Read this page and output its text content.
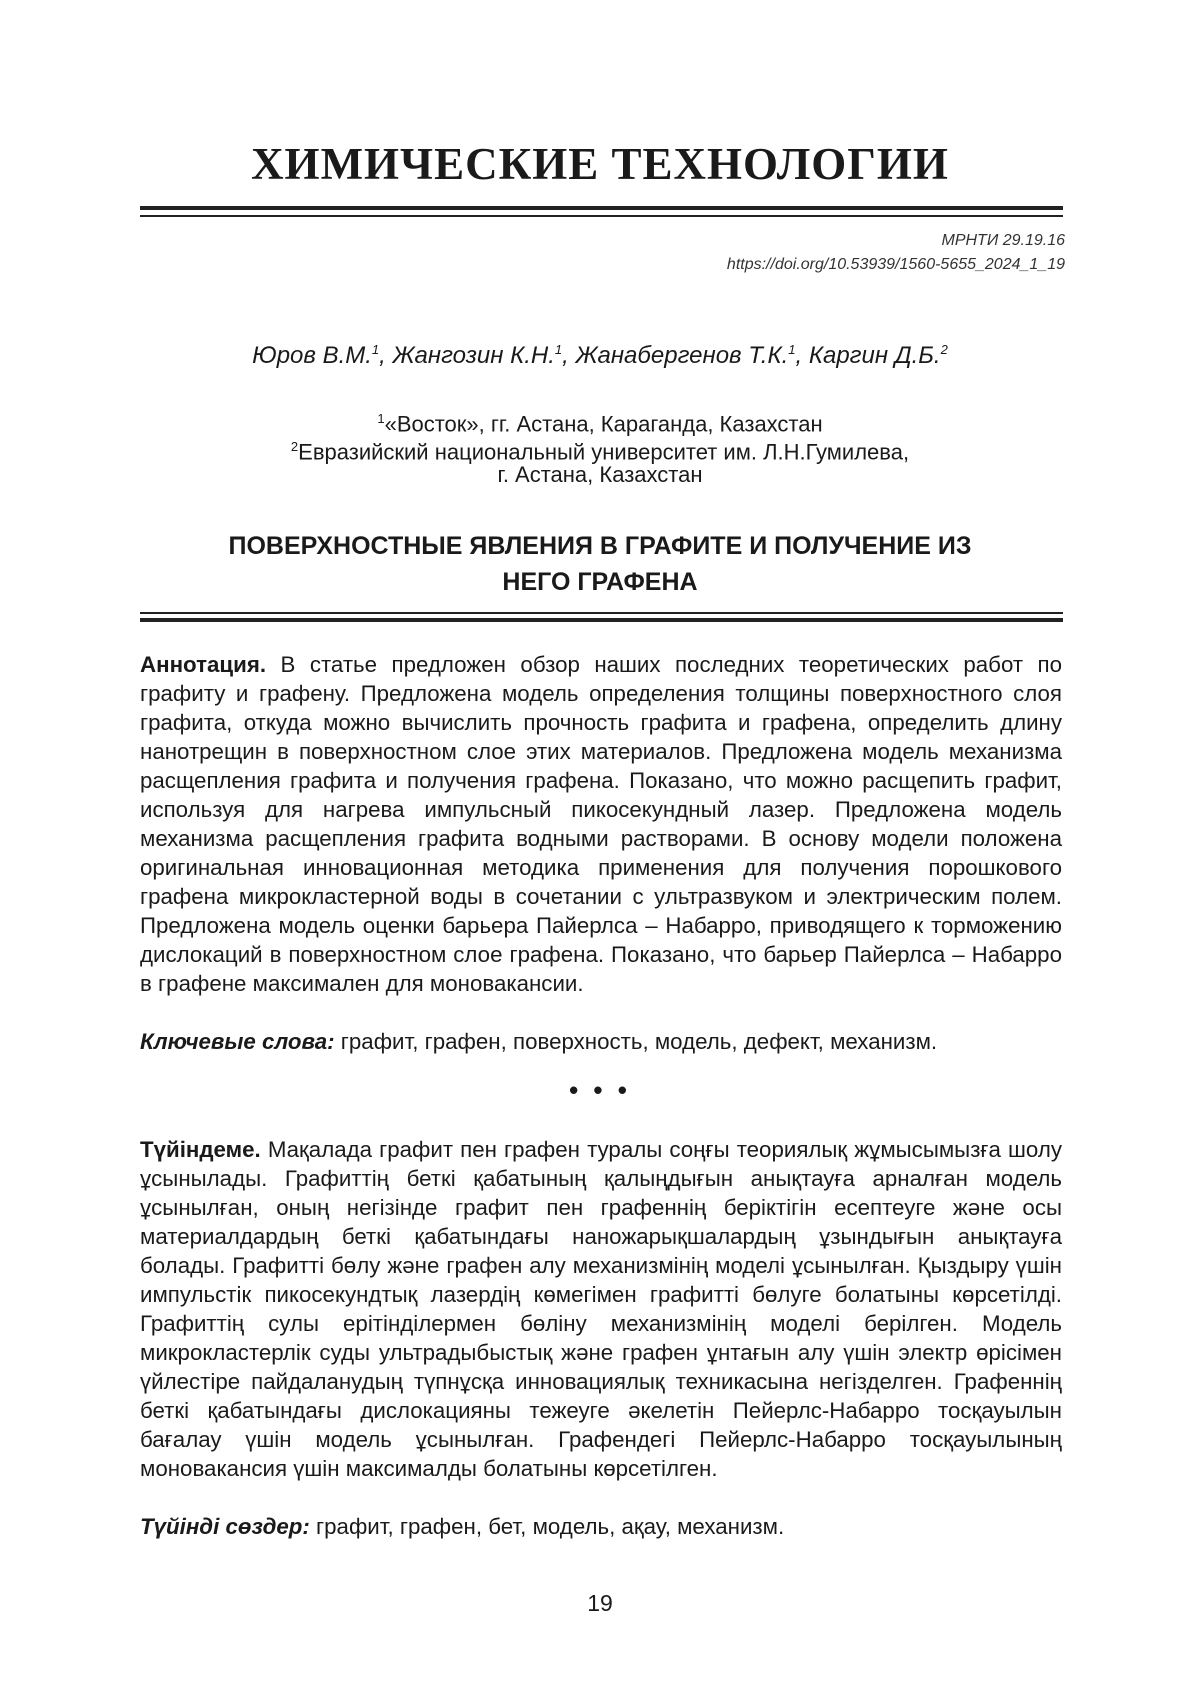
ХИМИЧЕСКИЕ ТЕХНОЛОГИИ
МРНТИ 29.19.16
https://doi.org/10.53939/1560-5655_2024_1_19
Юров В.М.$^1$, Жангозин К.Н.$^1$, Жанабергенов Т.К.$^1$, Каргин Д.Б.$^2$
$^1$«Восток», гг. Астана, Караганда, Казахстан
$^2$Евразийский национальный университет им. Л.Н.Гумилева,
г. Астана, Казахстан
ПОВЕРХНОСТНЫЕ ЯВЛЕНИЯ В ГРАФИТЕ И ПОЛУЧЕНИЕ ИЗ
НЕГО ГРАФЕНА
Аннотация. В статье предложен обзор наших последних теоретических работ по графиту и графену. Предложена модель определения толщины поверхностного слоя графита, откуда можно вычислить прочность графита и графена, определить длину нанотрещин в поверхностном слое этих материалов. Предложена модель механизма расщепления графита и получения графена. Показано, что можно расщепить графит, используя для нагрева импульсный пикосекундный лазер. Предложена модель механизма расщепления графита водными растворами. В основу модели положена оригинальная инновационная методика применения для получения порошкового графена микрокластерной воды в сочетании с ультразвуком и электрическим полем. Предложена модель оценки барьера Пайерлса – Набарро, приводящего к торможению дислокаций в поверхностном слое графена. Показано, что барьер Пайерлса – Набарро в графене максимален для моновакансии.
Ключевые слова: графит, графен, поверхность, модель, дефект, механизм.
• • •
Түйіндеме. Мақалада графит пен графен туралы соңғы теориялық жұмысымызға шолу ұсынылады. Графиттің беткі қабатының қалыңдығын анықтауға арналған модель ұсынылған, оның негізінде графит пен графеннің беріктігін есептеуге және осы материалдардың беткі қабатындағы наножарықшалардың ұзындығын анықтауға болады. Графитті бөлу және графен алу механизмінің моделі ұсынылған. Қыздыру үшін импульстік пикосекундтық лазердің көмегімен графитті бөлуге болатыны көрсетілді. Графиттің сулы ерітінділермен бөліну механизмінің моделі берілген. Модель микрокластерлік суды ультрадыбыстық және графен ұнтағын алу үшін электр өрісімен үйлестіре пайдаланудың түпнұсқа инновациялық техникасына негізделген. Графеннің беткі қабатындағы дислокацияны тежеуге әкелетін Пейерлс-Набарро тосқауылын бағалау үшін модель ұсынылған. Графендегі Пейерлс-Набарро тосқауылының моновакансия үшін максималды болатыны көрсетілген.
Түйінді сөздер: графит, графен, бет, модель, ақау, механизм.
19
